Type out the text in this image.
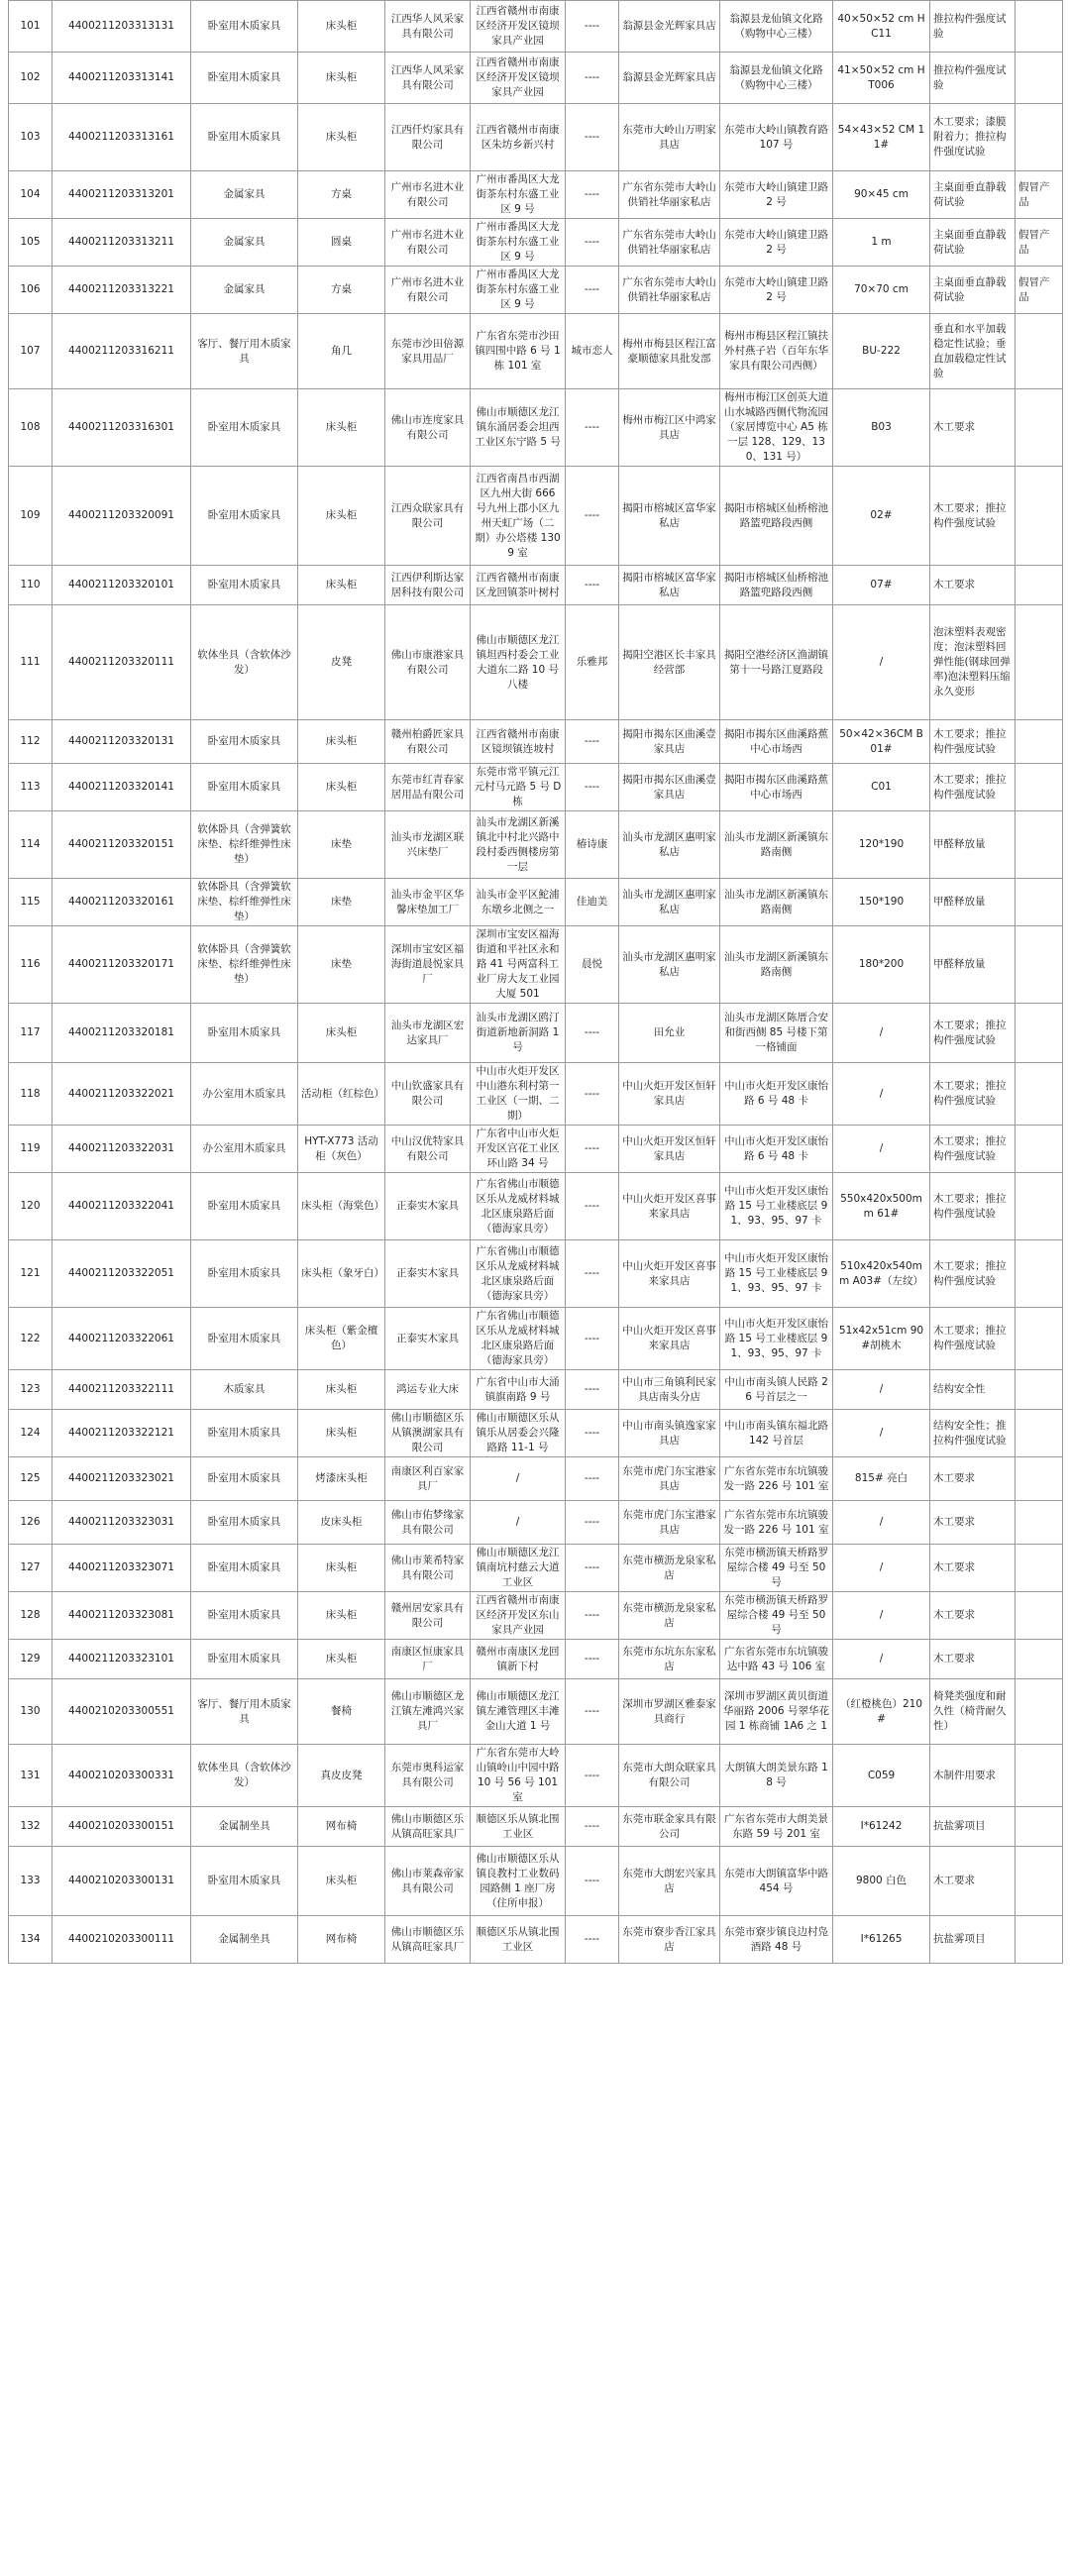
101	4400211203313131	卧室用木质家具	床头柜	江西华人风采家具有限公司	江西省赣州市南康区经济开发区镜坝家具产业园	----	翁源县金光辉家具店	翁源县龙仙镇文化路（购物中心三楼）	40×50×52 cm HC11	推拉构件强度试验	
102	4400211203313141	卧室用木质家具	床头柜	江西华人风采家具有限公司	江西省赣州市南康区经济开发区镜坝家具产业园	----	翁源县金光辉家具店	翁源县龙仙镇文化路（购物中心三楼）	41×50×52 cm HT006	推拉构件强度试验	
103	4400211203313161	卧室用木质家具	床头柜	江西仟灼家具有限公司	江西省赣州市南康区朱坊乡新兴村	----	东莞市大岭山万明家具店	东莞市大岭山镇教育路 107 号	54×43×52 CM 11#	木工要求；漆膜附着力；推拉构件强度试验	
104	4400211203313201	金属家具	方桌	广州市名进木业有限公司	广州市番禺区大龙街茶东村东盛工业区 9 号	----	广东省东莞市大岭山供销社华丽家私店	东莞市大岭山镇建卫路 2 号	90×45 cm	主桌面垂直静载荷试验	假冒产品
105	4400211203313211	金属家具	圆桌	广州市名进木业有限公司	广州市番禺区大龙街茶东村东盛工业区 9 号	----	广东省东莞市大岭山供销社华丽家私店	东莞市大岭山镇建卫路 2 号	1 m	主桌面垂直静载荷试验	假冒产品
106	4400211203313221	金属家具	方桌	广州市名进木业有限公司	广州市番禺区大龙街茶东村东盛工业区 9 号	----	广东省东莞市大岭山供销社华丽家私店	东莞市大岭山镇建卫路 2 号	70×70 cm	主桌面垂直静载荷试验	假冒产品
107	4400211203316211	客厅、餐厅用木质家具	角几	东莞市沙田倍源家具用品厂	广东省东莞市沙田镇四围中路 6 号 1 栋 101 室	城市恋人	梅州市梅县区程江富豪顺德家具批发部	梅州市梅县区程江镇扶外村燕子岩（百年东华家具有限公司西侧）	BU-222	垂直和水平加载稳定性试验；垂直加载稳定性试验	
108	4400211203316301	卧室用木质家具	床头柜	佛山市连度家具有限公司	佛山市顺德区龙江镇东涌居委会坦西工业区东宁路 5 号	----	梅州市梅江区中鸿家具店	梅州市梅江区创英大道山水城路西侧代物流园（家居博览中心 A5 栋一层 128、129、130、131 号）	B03	木工要求	
109	4400211203320091	卧室用木质家具	床头柜	江西众联家具有限公司	江西省南昌市西湖区九州大街 666 号九州上郡小区九州天虹广场（二期）办公塔楼 1309 室	----	揭阳市榕城区富华家私店	揭阳市榕城区仙桥榕池路篮兜路段西侧	02#	木工要求；推拉构件强度试验	
110	4400211203320101	卧室用木质家具	床头柜	江西伊利斯达家居科技有限公司	江西省赣州市南康区龙回镇茶叶树村	----	揭阳市榕城区富华家私店	揭阳市榕城区仙桥榕池路篮兜路段西侧	07#	木工要求	
111	4400211203320111	软体坐具（含软体沙发）	皮凳	佛山市康港家具有限公司	佛山市顺德区龙江镇坦西村委会工业大道东二路 10 号八楼	乐雅邦	揭阳空港区长丰家具经营部	揭阳空港经济区渔湖镇第十一号路江夏路段	/	泡沫塑料表观密度；泡沫塑料回弹性能(钢球回弹率)泡沫塑料压缩永久变形	
112	4400211203320131	卧室用木质家具	床头柜	赣州柏爵匠家具有限公司	江西省赣州市南康区镜坝镇连坡村	----	揭阳市揭东区曲溪壹家具店	揭阳市揭东区曲溪路蕉中心市场西	50×42×36CM B01#	木工要求；推拉构件强度试验	
113	4400211203320141	卧室用木质家具	床头柜	东莞市红青春家居用品有限公司	东莞市常平镇元江元村马元路 5 号 D 栋	----	揭阳市揭东区曲溪壹家具店	揭阳市揭东区曲溪路蕉中心市场西	C01	木工要求；推拉构件强度试验	
114	4400211203320151	软体卧具（含弹簧软床垫、棕纤维弹性床垫）	床垫	汕头市龙湖区联兴床垫厂	汕头市龙湖区新溪镇北中村北兴路中段村委西侧楼房第一层	椿诗康	汕头市龙湖区惠明家私店	汕头市龙湖区新溪镇东路南侧	120*190	甲醛释放量	
115	4400211203320161	软体卧具（含弹簧软床垫、棕纤维弹性床垫）	床垫	汕头市金平区华馨床垫加工厂	汕头市金平区鮀浦东墩乡北侧之一	佳迪美	汕头市龙湖区惠明家私店	汕头市龙湖区新溪镇东路南侧	150*190	甲醛释放量	
116	4400211203320171	软体卧具（含弹簧软床垫、棕纤维弹性床垫）	床垫	深圳市宝安区福海街道晨悦家具厂	深圳市宝安区福海街道和平社区永和路 41 号两富科工业厂房大友工业园大厦 501	晨悦	汕头市龙湖区惠明家私店	汕头市龙湖区新溪镇东路南侧	180*200	甲醛释放量	
117	4400211203320181	卧室用木质家具	床头柜	汕头市龙湖区宏达家具厂	汕头市龙湖区鸥汀街道新地新洞路 1 号	----	田允业	汕头市龙湖区陈厝合安和街西侧 85 号楼下第一格铺面	/	木工要求；推拉构件强度试验	
118	4400211203322021	办公室用木质家具	活动柜（红棕色）	中山钦盛家具有限公司	中山市火炬开发区中山港东利村第一工业区（一期、二期）	----	中山火炬开发区恒轩家具店	中山市火炬开发区康怡路 6 号 48 卡	/	木工要求；推拉构件强度试验	
119	4400211203322031	办公室用木质家具	HYT-X773 活动柜（灰色）	中山汉优特家具有限公司	广东省中山市火炬开发区宫花工业区环山路 34 号	----	中山火炬开发区恒轩家具店	中山市火炬开发区康怡路 6 号 48 卡	/	木工要求；推拉构件强度试验	
120	4400211203322041	卧室用木质家具	床头柜（海棠色）	正泰实木家具	广东省佛山市顺德区乐从龙威材料城北区康泉路后面（德海家具旁）	----	中山火炬开发区喜事来家具店	中山市火炬开发区康怡路 15 号工业楼底层 91、93、95、97 卡	550x420x500mm 61#	木工要求；推拉构件强度试验	
121	4400211203322051	卧室用木质家具	床头柜（象牙白）	正泰实木家具	广东省佛山市顺德区乐从龙威材料城北区康泉路后面（德海家具旁）	----	中山火炬开发区喜事来家具店	中山市火炬开发区康怡路 15 号工业楼底层 91、93、95、97 卡	510x420x540mm A03#（左纹）	木工要求；推拉构件强度试验	
122	4400211203322061	卧室用木质家具	床头柜（紫金檀色）	正泰实木家具	广东省佛山市顺德区乐从龙威材料城北区康泉路后面（德海家具旁）	----	中山火炬开发区喜事来家具店	中山市火炬开发区康怡路 15 号工业楼底层 91、93、95、97 卡	51x42x51cm 90#胡桃木	木工要求；推拉构件强度试验	
123	4400211203322111	木质家具	床头柜	鸿运专业大床	广东省中山市大涌镇旗南路 9 号	----	中山市三角镇利民家具店南头分店	中山市南头镇人民路 26 号首层之一	/	结构安全性	
124	4400211203322121	卧室用木质家具	床头柜	佛山市顺德区乐从镇澳湖家具有限公司	佛山市顺德区乐从镇乐从居委会兴隆路路 11-1 号	----	中山市南头镇逸家家具店	中山市南头镇东福北路 142 号首层	/	结构安全性；推拉构件强度试验	
125	4400211203323021	卧室用木质家具	烤漆床头柜	南康区利百家家具厂	/	----	东莞市虎门东宝港家具店	广东省东莞市东坑镇骏发一路 226 号 101 室	815# 亮白	木工要求	
126	4400211203323031	卧室用木质家具	皮床头柜	佛山市佑梦缘家具有限公司	/	----	东莞市虎门东宝港家具店	广东省东莞市东坑镇骏发一路 226 号 101 室	/	木工要求	
127	4400211203323071	卧室用木质家具	床头柜	佛山市莱希特家具有限公司	佛山市顺德区龙江镇南坑村慈云大道工业区	----	东莞市横沥龙泉家私店	东莞市横沥镇天桥路罗屋综合楼 49 号至 50 号	/	木工要求	
128	4400211203323081	卧室用木质家具	床头柜	赣州居安家具有限公司	江西省赣州市南康区经济开发区东山家具产业园	----	东莞市横沥龙泉家私店	东莞市横沥镇天桥路罗屋综合楼 49 号至 50 号	/	木工要求	
129	4400211203323101	卧室用木质家具	床头柜	南康区恒康家具厂	赣州市南康区龙回镇新下村	----	东莞市东坑东东家私店	广东省东莞市东坑镇骏达中路 43 号 106 室	/	木工要求	
130	4400210203300551	客厅、餐厅用木质家具	餐椅	佛山市顺德区龙江镇左滩鸿兴家具厂	佛山市顺德区龙江镇左滩管理区丰滩金山大道 1 号	----	深圳市罗湖区雅泰家具商行	深圳市罗湖区黄贝街道华丽路 2006 号翠华花园 1 栋商铺 1A6 之 1	（红橙桃色）210#	椅凳类强度和耐久性（椅背耐久性）	
131	4400210203300331	软体坐具（含软体沙发）	真皮皮凳	东莞市奥科运家具有限公司	广东省东莞市大岭山镇岭山中园中路 10 号 56 号 101 室	----	东莞市大朗众联家具有限公司	大朗镇大朗美景东路 18 号	C059	木制件用要求	
132	4400210203300151	金属制坐具	网布椅	佛山市顺德区乐从镇高旺家具厂	顺德区乐从镇北围工业区	----	东莞市联金家具有限公司	广东省东莞市大朗美景东路 59 号 201 室	I*61242	抗盐雾项目	
133	4400210203300131	卧室用木质家具	床头柜	佛山市莱森帝家具有限公司	佛山市顺德区乐从镇良教村工业数码园路侧 1 座厂房（住所申报）	----	东莞市大朗宏兴家具店	东莞市大朗镇富华中路 454 号	9800 白色	木工要求	
134	4400210203300111	金属制坐具	网布椅	佛山市顺德区乐从镇高旺家具厂	顺德区乐从镇北围工业区	----	东莞市寮步香江家具店	东莞市寮步镇良边村凫酒路 48 号	I*61265	抗盐雾项目	
